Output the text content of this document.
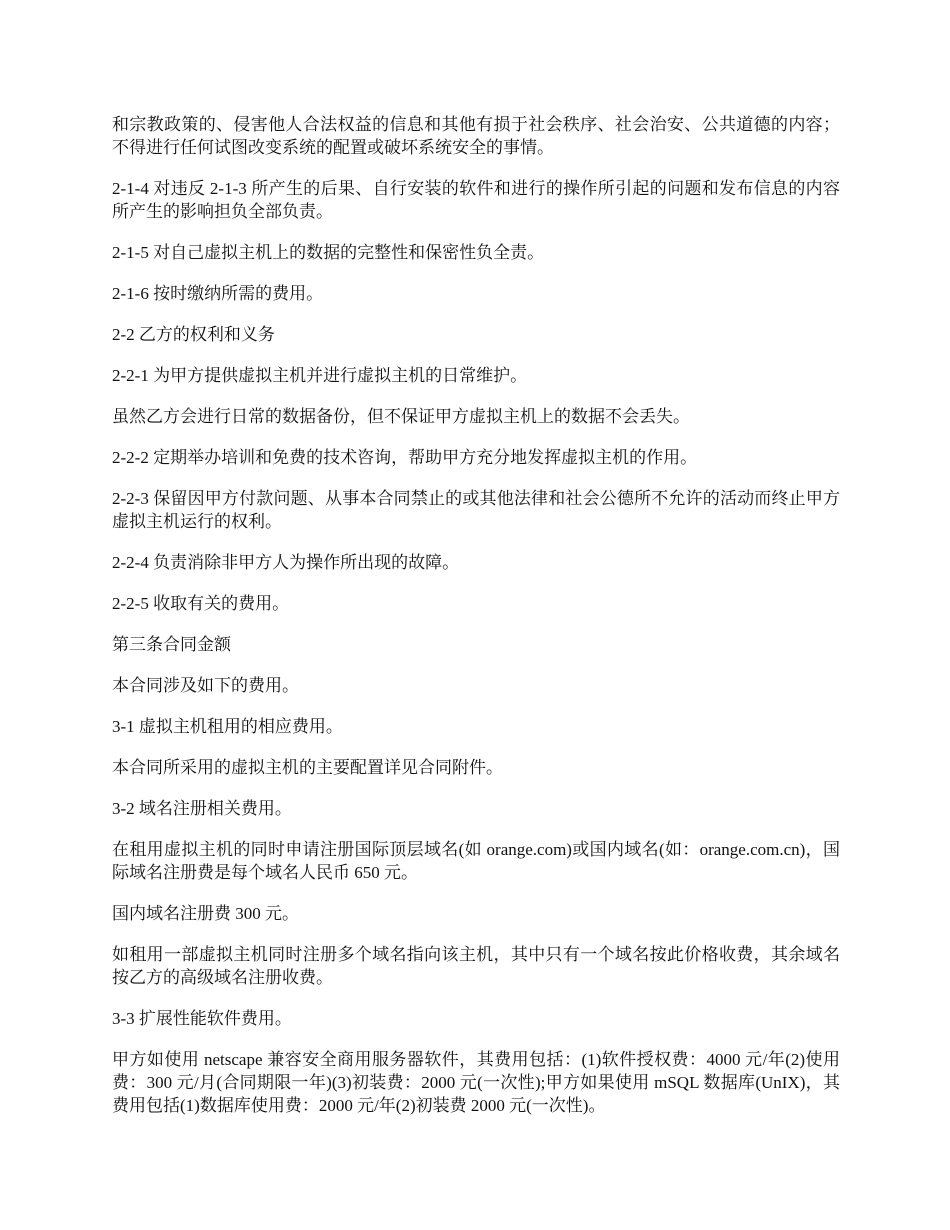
和宗教政策的、侵害他人合法权益的信息和其他有损于社会秩序、社会治安、公共道德的内容；不得进行任何试图改变系统的配置或破坏系统安全的事情。

2-1-4 对违反 2-1-3 所产生的后果、自行安装的软件和进行的操作所引起的问题和发布信息的内容所产生的影响担负全部负责。

2-1-5 对自己虚拟主机上的数据的完整性和保密性负全责。

2-1-6 按时缴纳所需的费用。

2-2 乙方的权利和义务

2-2-1 为甲方提供虚拟主机并进行虚拟主机的日常维护。

虽然乙方会进行日常的数据备份，但不保证甲方虚拟主机上的数据不会丢失。

2-2-2 定期举办培训和免费的技术咨询，帮助甲方充分地发挥虚拟主机的作用。

2-2-3 保留因甲方付款问题、从事本合同禁止的或其他法律和社会公德所不允许的活动而终止甲方虚拟主机运行的权利。

2-2-4 负责消除非甲方人为操作所出现的故障。

2-2-5 收取有关的费用。

第三条合同金额

本合同涉及如下的费用。

3-1 虚拟主机租用的相应费用。

本合同所采用的虚拟主机的主要配置详见合同附件。

3-2 域名注册相关费用。

在租用虚拟主机的同时申请注册国际顶层域名(如 orange.com)或国内域名(如：orange.com.cn)，国际域名注册费是每个域名人民币 650 元。

国内域名注册费 300 元。

如租用一部虚拟主机同时注册多个域名指向该主机，其中只有一个域名按此价格收费，其余域名按乙方的高级域名注册收费。

3-3 扩展性能软件费用。

甲方如使用 netscape 兼容安全商用服务器软件，其费用包括：(1)软件授权费：4000 元/年(2)使用费：300 元/月(合同期限一年)(3)初装费：2000 元(一次性);甲方如果使用 mSQL 数据库(UnIX)，其费用包括(1)数据库使用费：2000 元/年(2)初装费 2000 元(一次性)。
